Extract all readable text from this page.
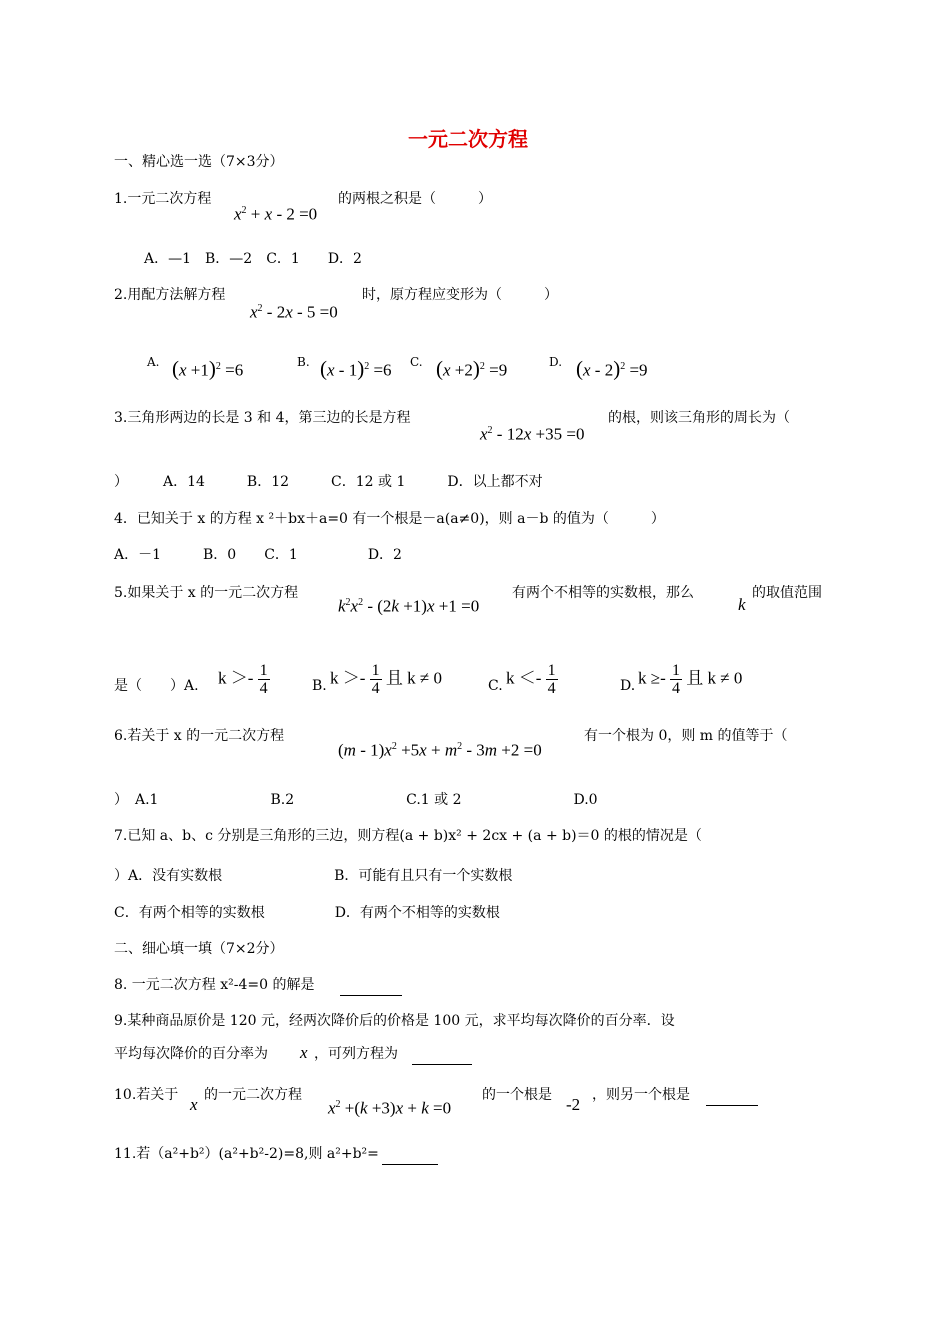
一元二次方程
一、精心选一选（7×3分）
1.一元二次方程
$x^2 + x - 2 =0$
的两根之积是（　　　）
A．—1　B．—2　C．1　　D．2
2.用配方法解方程
$x^2 - 2x - 5 =0$
时，原方程应变形为（　　　）
A. $(x +1)^2 =6$	B. (x - 1)$^2$ =6 C. $(x +2)^2 =9$	D. (x - 2)$^2$ =9
3.三角形两边的长是 3 和 4，第三边的长是方程
$x^2 - 12x +35 =0$
的根，则该三角形的周长为（
）　　　A．14　　　B．12　　　C．12 或 1　　　D．以上都不对
4．已知关于 x 的方程 x ²＋bx＋a=0 有一个根是－a(a≠0)，则 a－b 的值为（　　　）
A．－1　　　B．0　　C．1　　　　　D．2
5.如果关于 x 的一元二次方程
$k^2x^2 - (2k +1)x +1 =0$
有两个不相等的实数根，那么
k
的取值范围
是（　　）A. $k >- \frac{1}{4}$	B. $k >- \frac{1}{4}$ 且 k ≠ 0	C. $k <- \frac{1}{4}$	D. $k \ge- \frac{1}{4}$ 且 k ≠ 0
6.若关于 x 的一元二次方程
$(m - 1)x^2 +5x + m^2 - 3m +2 =0$
有一个根为 0，则 m 的值等于（
）　A.1　　　　　　　　B.2　　　　　　　　C.1 或 2　　　　　　　　D.0
7.已知 a、b、c 分别是三角形的三边，则方程(a + b)x² + 2cx + (a + b)＝0 的根的情况是（
）A．没有实数根　　　　　　　　B．可能有且只有一个实数根
C．有两个相等的实数根　　　　　D．有两个不相等的实数根
二、细心填一填（7×2分）
8. 一元二次方程 x²-4=0 的解是

9.某种商品原价是 120 元，经两次降价后的价格是 100 元，求平均每次降价的百分率．设
平均每次降价的百分率为 x ，可列方程为

10.若关于 x 的一元二次方程
$x^2 +(k +3)x + k =0$
的一个根是 -2 ，则另一个根是

11.若（a²+b²）(a²+b²-2)=8,则 a²+b²=
